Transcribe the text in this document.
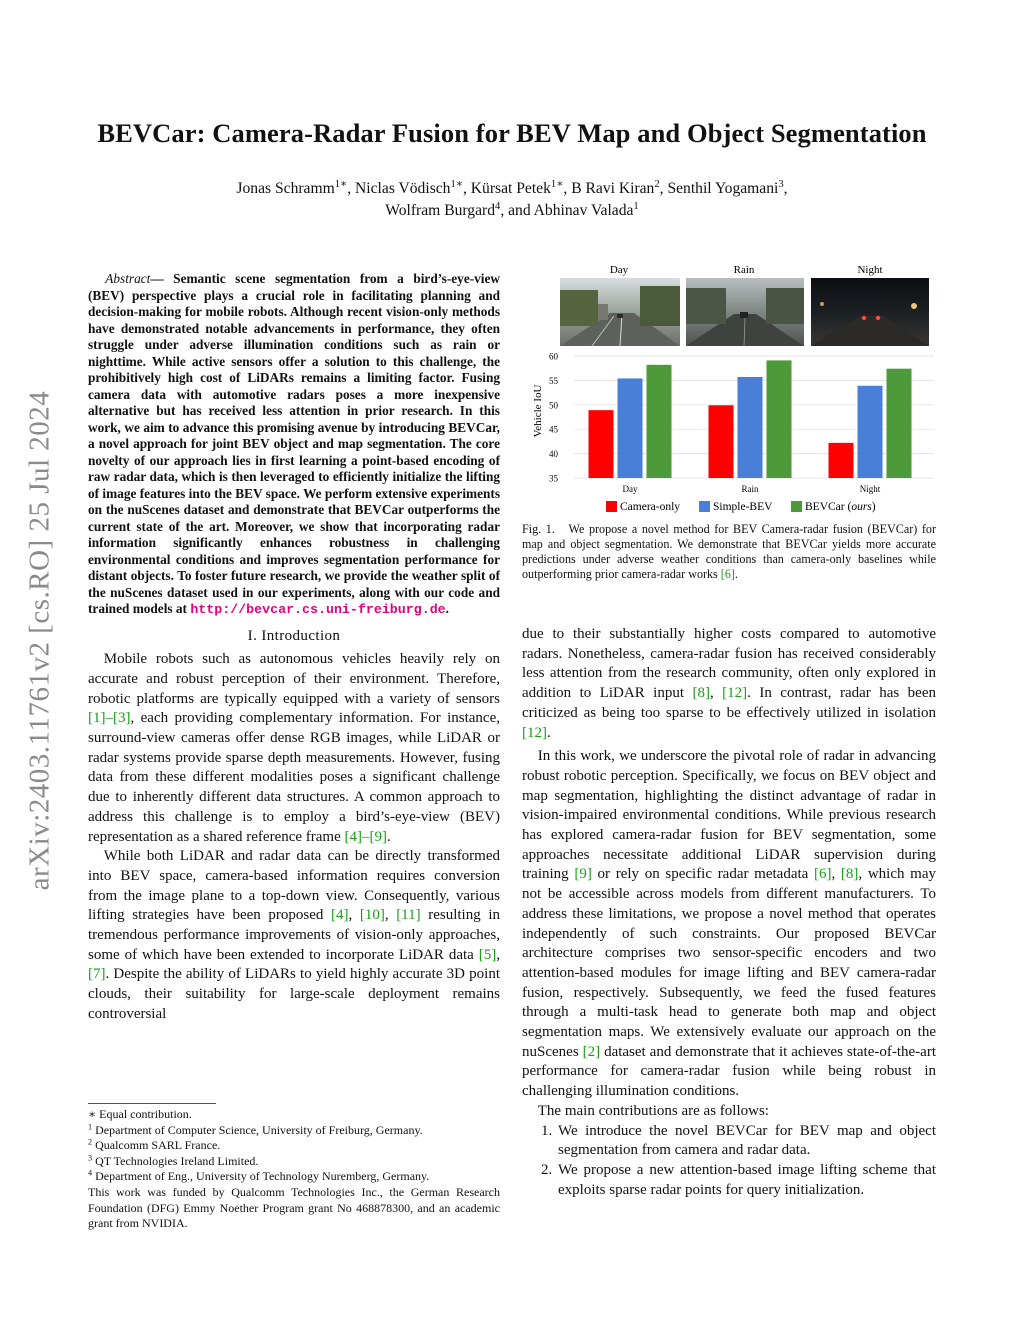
arXiv:2403.11761v2 [cs.RO] 25 Jul 2024
BEVCar: Camera-Radar Fusion for BEV Map and Object Segmentation
Jonas Schramm$^{1∗}$, Niclas Vödisch$^{1∗}$, Kürsat Petek$^{1∗}$, B Ravi Kiran$^2$, Senthil Yogamani$^3$,
Wolfram Burgard$^4$, and Abhinav Valada$^1$

Abstract— Semantic scene segmentation from a bird’s-eye-view (BEV) perspective plays a crucial role in facilitating planning and decision-making for mobile robots. Although recent vision-only methods have demonstrated notable advancements in performance, they often struggle under adverse illumination conditions such as rain or nighttime. While active sensors offer a solution to this challenge, the prohibitively high cost of LiDARs remains a limiting factor. Fusing camera data with automotive radars poses a more inexpensive alternative but has received less attention in prior research. In this work, we aim to advance this promising avenue by introducing BEVCar, a novel approach for joint BEV object and map segmentation. The core novelty of our approach lies in first learning a point-based encoding of raw radar data, which is then leveraged to efficiently initialize the lifting of image features into the BEV space. We perform extensive experiments on the nuScenes dataset and demonstrate that BEVCar outperforms the current state of the art. Moreover, we show that incorporating radar information significantly enhances robustness in challenging environmental conditions and improves segmentation performance for distant objects. To foster future research, we provide the weather split of the nuScenes dataset used in our experiments, along with our code and trained models at http://bevcar.cs.uni-freiburg.de.

I. Introduction

Mobile robots such as autonomous vehicles heavily rely on accurate and robust perception of their environment. Therefore, robotic platforms are typically equipped with a variety of sensors [1]–[3], each providing complementary information. For instance, surround-view cameras offer dense RGB images, while LiDAR or radar systems provide sparse depth measurements. However, fusing data from these different modalities poses a significant challenge due to inherently different data structures. A common approach to address this challenge is to employ a bird’s-eye-view (BEV) representation as a shared reference frame [4]–[9].

While both LiDAR and radar data can be directly transformed into BEV space, camera-based information requires conversion from the image plane to a top-down view. Consequently, various lifting strategies have been proposed [4], [10], [11] resulting in tremendous performance improvements of vision-only approaches, some of which have been extended to incorporate LiDAR data [5], [7]. Despite the ability of LiDARs to yield highly accurate 3D point clouds, their suitability for large-scale deployment remains controversial

∗ Equal contribution.
$^1$ Department of Computer Science, University of Freiburg, Germany.
$^2$ Qualcomm SARL France.
$^3$ QT Technologies Ireland Limited.
$^4$ Department of Eng., University of Technology Nuremberg, Germany.

This work was funded by Qualcomm Technologies Inc., the German Research Foundation (DFG) Emmy Noether Program grant No 468878300, and an academic grant from NVIDIA.

Day	Rain	Night
Vehicle IoU
35
40
45
50
55
60
Day	Rain	Night
Camera-only	Simple-BEV	BEVCar (ours)
Fig. 1. We propose a novel method for BEV Camera-radar fusion (BEVCar) for map and object segmentation. We demonstrate that BEVCar yields more accurate predictions under adverse weather conditions than camera-only baselines while outperforming prior camera-radar works [6].

due to their substantially higher costs compared to automotive radars. Nonetheless, camera-radar fusion has received considerably less attention from the research community, often only explored in addition to LiDAR input [8], [12]. In contrast, radar has been criticized as being too sparse to be effectively utilized in isolation [12].

In this work, we underscore the pivotal role of radar in advancing robust robotic perception. Specifically, we focus on BEV object and map segmentation, highlighting the distinct advantage of radar in vision-impaired environmental conditions. While previous research has explored camera-radar fusion for BEV segmentation, some approaches necessitate additional LiDAR supervision during training [9] or rely on specific radar metadata [6], [8], which may not be accessible across models from different manufacturers. To address these limitations, we propose a novel method that operates independently of such constraints. Our proposed BEVCar architecture comprises two sensor-specific encoders and two attention-based modules for image lifting and BEV camera-radar fusion, respectively. Subsequently, we feed the fused features through a multi-task head to generate both map and object segmentation maps. We extensively evaluate our approach on the nuScenes [2] dataset and demonstrate that it achieves state-of-the-art performance for camera-radar fusion while being robust in challenging illumination conditions.

The main contributions are as follows:

1. We introduce the novel BEVCar for BEV map and object segmentation from camera and radar data.
2. We propose a new attention-based image lifting scheme that exploits sparse radar points for query initialization.
